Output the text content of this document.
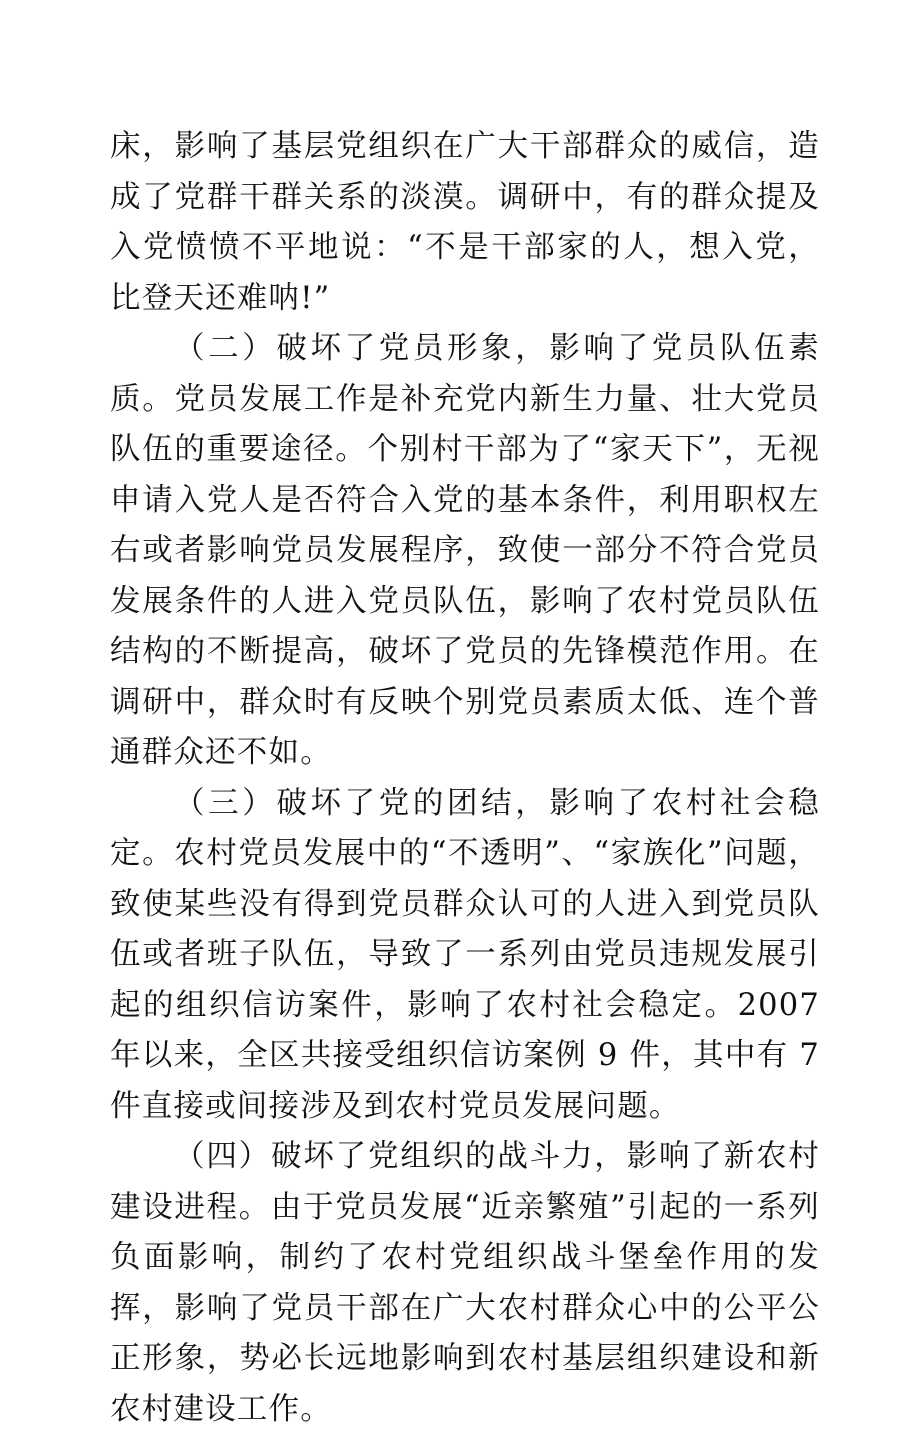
床，影响了基层党组织在广大干部群众的威信，造成了党群干群关系的淡漠。调研中，有的群众提及入党愤愤不平地说：“不是干部家的人，想入党，比登天还难呐!”

（二）破坏了党员形象，影响了党员队伍素质。党员发展工作是补充党内新生力量、壮大党员队伍的重要途径。个别村干部为了“家天下”，无视申请入党人是否符合入党的基本条件，利用职权左右或者影响党员发展程序，致使一部分不符合党员发展条件的人进入党员队伍，影响了农村党员队伍结构的不断提高，破坏了党员的先锋模范作用。在调研中，群众时有反映个别党员素质太低、连个普通群众还不如。

（三）破坏了党的团结，影响了农村社会稳定。农村党员发展中的“不透明”、“家族化”问题，致使某些没有得到党员群众认可的人进入到党员队伍或者班子队伍，导致了一系列由党员违规发展引起的组织信访案件，影响了农村社会稳定。2007 年以来，全区共接受组织信访案例 9 件，其中有 7 件直接或间接涉及到农村党员发展问题。

（四）破坏了党组织的战斗力，影响了新农村建设进程。由于党员发展“近亲繁殖”引起的一系列负面影响，制约了农村党组织战斗堡垒作用的发挥，影响了党员干部在广大农村群众心中的公平公正形象，势必长远地影响到农村基层组织建设和新农村建设工作。
